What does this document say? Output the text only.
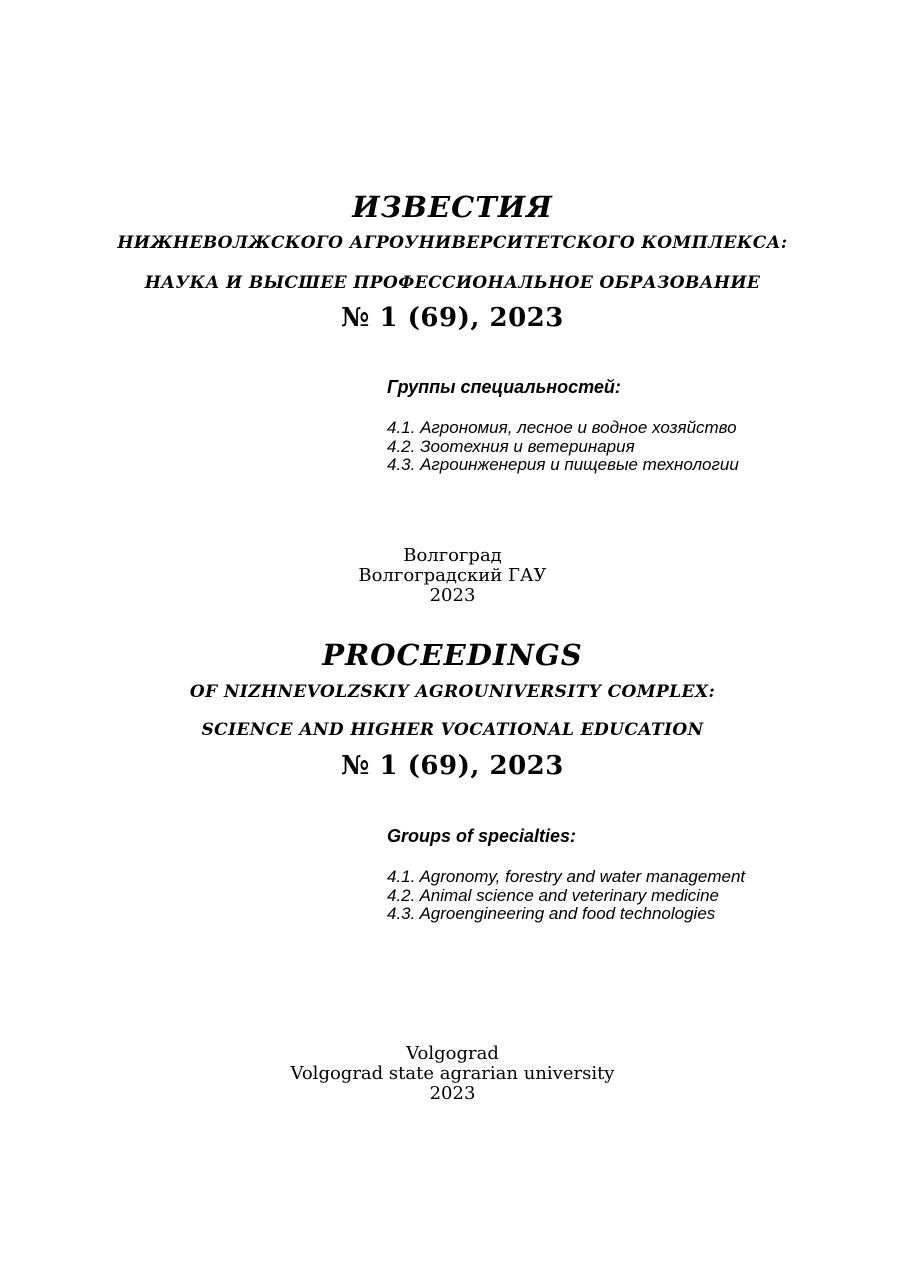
ИЗВЕСТИЯ
НИЖНЕВОЛЖСКОГО АГРОУНИВЕРСИТЕТСКОГО КОМПЛЕКСА:
НАУКА И ВЫСШЕЕ ПРОФЕССИОНАЛЬНОЕ ОБРАЗОВАНИЕ
№ 1 (69), 2023
Группы специальностей:
4.1. Агрономия, лесное и водное хозяйство
4.2. Зоотехния и ветеринария
4.3. Агроинженерия и пищевые технологии
Волгоград
Волгоградский ГАУ
2023
PROCEEDINGS
OF NIZHNEVOLZSKIY AGROUNIVERSITY COMPLEX:
SCIENCE AND HIGHER VOCATIONAL EDUCATION
№ 1 (69), 2023
Groups of specialties:
4.1. Agronomy, forestry and water management
4.2. Animal science and veterinary medicine
4.3. Agroengineering and food technologies
Volgograd
Volgograd state agrarian university
2023
